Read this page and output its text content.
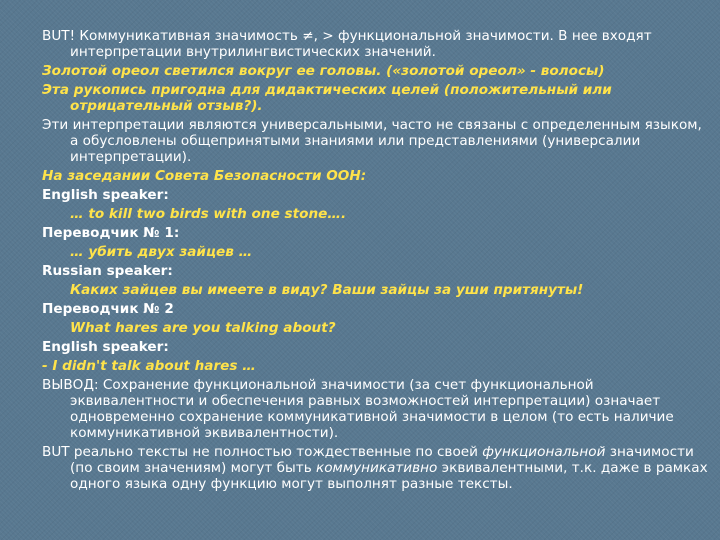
BUT! Коммуникативная значимость ≠, > функциональной значимости. В нее входят интерпретации внутрилингвистических значений.
Золотой ореол светился вокруг ее головы. («золотой ореол» - волосы)
Эта рукопись пригодна для дидактических целей (положительный или отрицательный отзыв?).
Эти интерпретации являются универсальными, часто не связаны с определенным языком, а обусловлены общепринятыми знаниями или представлениями (универсалии интерпретации).
На заседании Совета Безопасности ООН:
English speaker:
… to kill two birds with one stone….
Переводчик № 1:
… убить двух зайцев …
Russian speaker:
Каких зайцев вы имеете в виду? Ваши зайцы за уши притянуты!
Переводчик № 2
What hares are you talking about?
English speaker:
- I didn't talk about hares …
ВЫВОД: Сохранение функциональной значимости (за счет функциональной эквивалентности и обеспечения равных возможностей интерпретации) означает одновременно сохранение коммуникативной значимости в целом (то есть наличие коммуникативной эквивалентности).
BUT реально тексты не полностью тождественные по своей функциональной значимости (по своим значениям) могут быть коммуникативно эквивалентными, т.к. даже в рамках одного языка одну функцию могут выполнят разные тексты.
